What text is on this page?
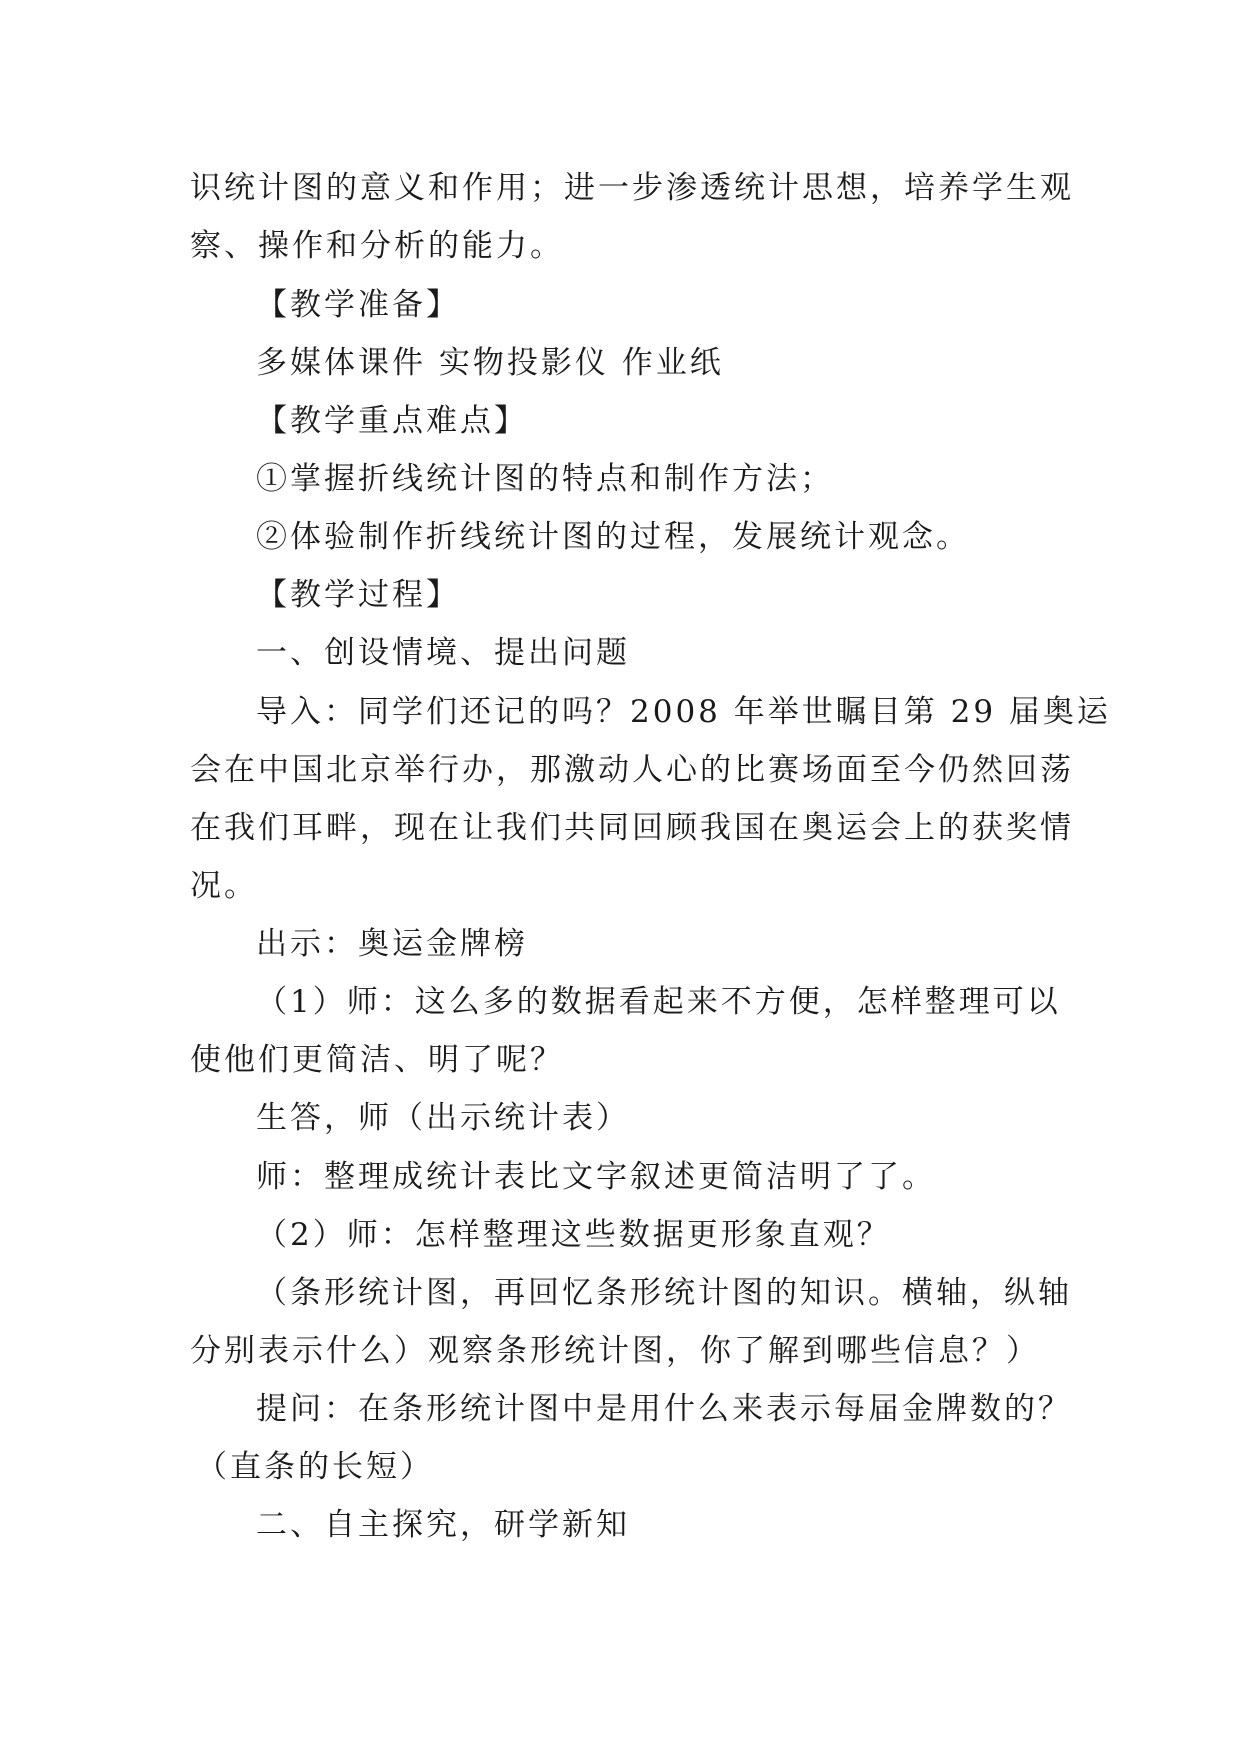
识统计图的意义和作用；进一步渗透统计思想，培养学生观
察、操作和分析的能力。
【教学准备】
多媒体课件 实物投影仪 作业纸
【教学重点难点】
①掌握折线统计图的特点和制作方法；
②体验制作折线统计图的过程，发展统计观念。
【教学过程】
一、创设情境、提出问题
导入：同学们还记的吗？2008 年举世瞩目第 29 届奥运
会在中国北京举行办，那激动人心的比赛场面至今仍然回荡
在我们耳畔，现在让我们共同回顾我国在奥运会上的获奖情
况。
出示：奥运金牌榜
（1）师：这么多的数据看起来不方便，怎样整理可以
使他们更简洁、明了呢？
生答，师（出示统计表）
师：整理成统计表比文字叙述更简洁明了了。
（2）师：怎样整理这些数据更形象直观？
（条形统计图，再回忆条形统计图的知识。横轴，纵轴
分别表示什么）观察条形统计图，你了解到哪些信息？）
提问：在条形统计图中是用什么来表示每届金牌数的？
（直条的长短）
二、自主探究，研学新知
